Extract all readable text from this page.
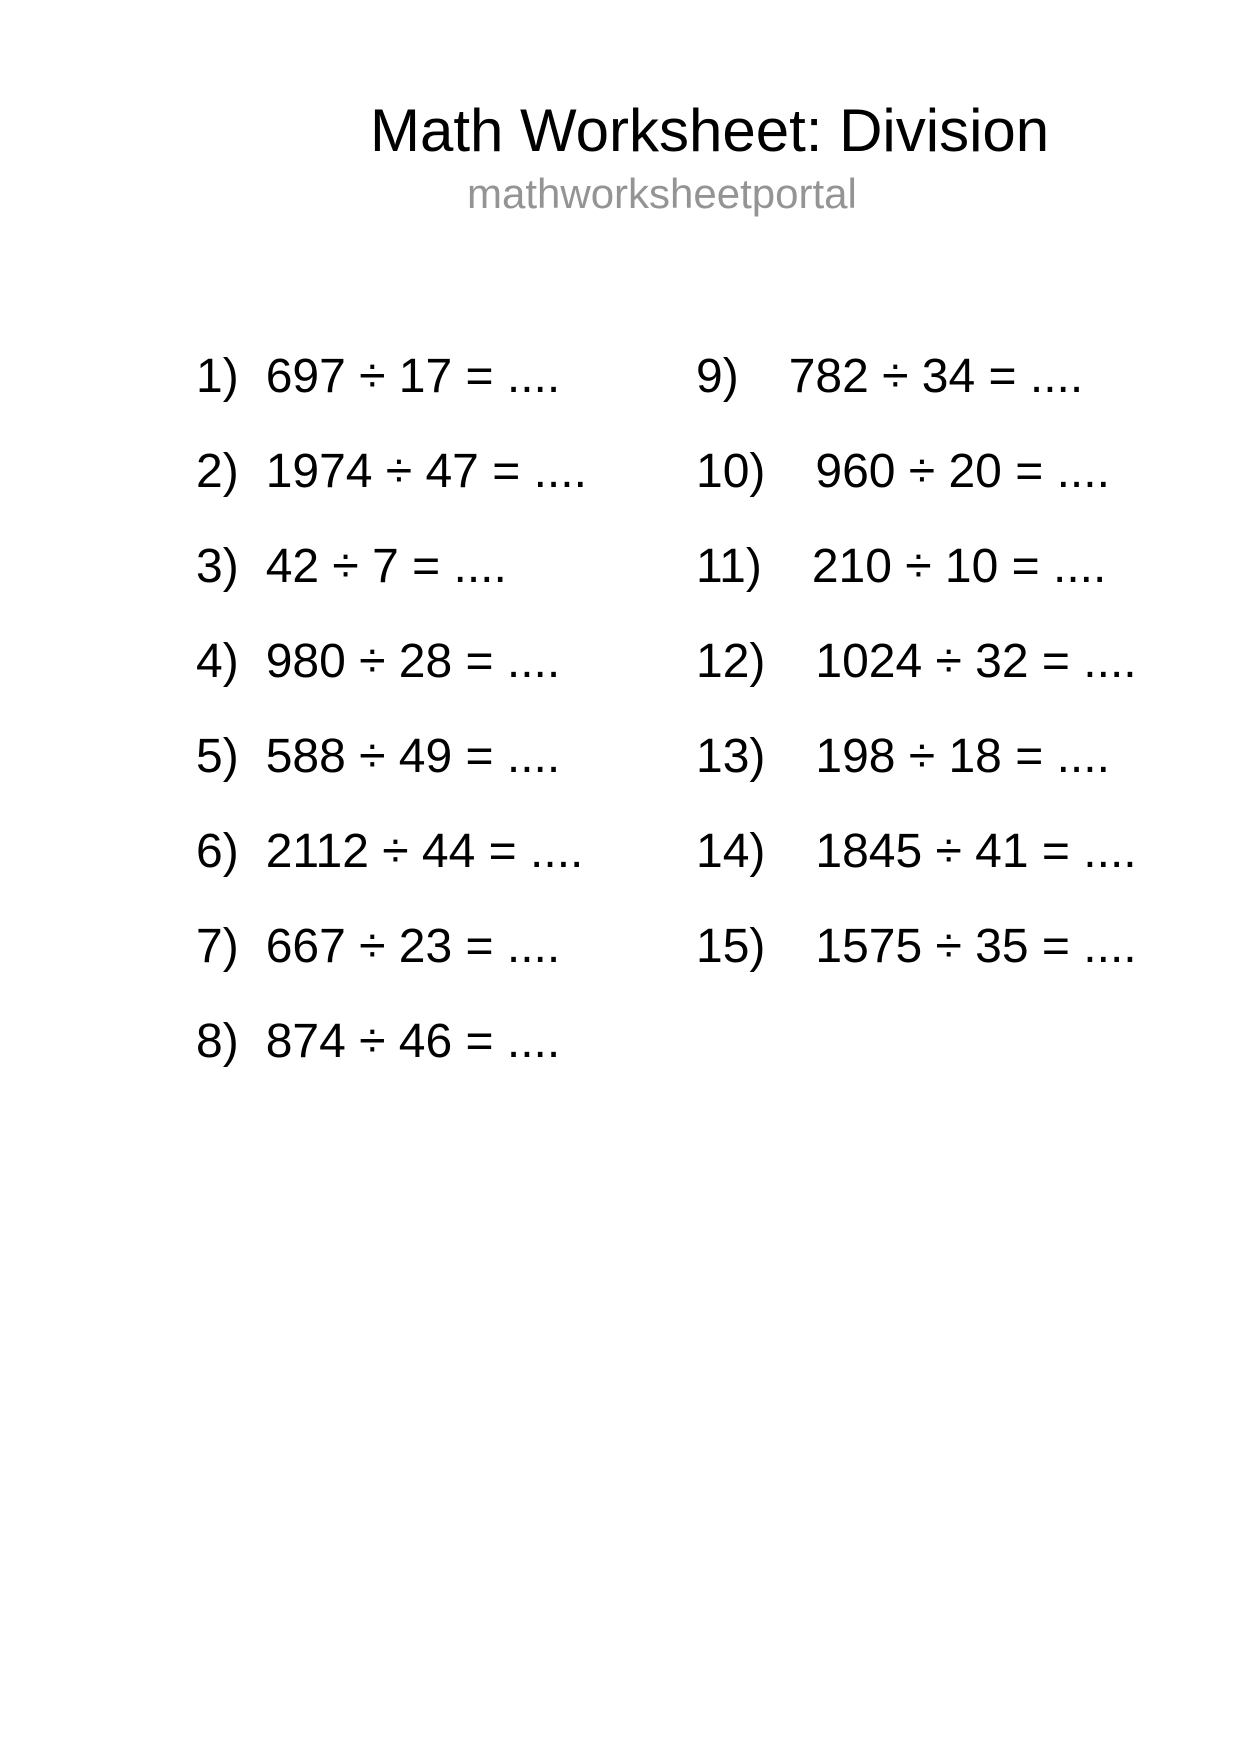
Math Worksheet: Division
mathworksheetportal
1) 697 ÷ 17 = ....
2) 1974 ÷ 47 = ....
3) 42 ÷ 7 = ....
4) 980 ÷ 28 = ....
5) 588 ÷ 49 = ....
6) 2112 ÷ 44 = ....
7) 667 ÷ 23 = ....
8) 874 ÷ 46 = ....
9) 782 ÷ 34 = ....
10) 960 ÷ 20 = ....
11) 210 ÷ 10 = ....
12) 1024 ÷ 32 = ....
13) 198 ÷ 18 = ....
14) 1845 ÷ 41 = ....
15) 1575 ÷ 35 = ....
